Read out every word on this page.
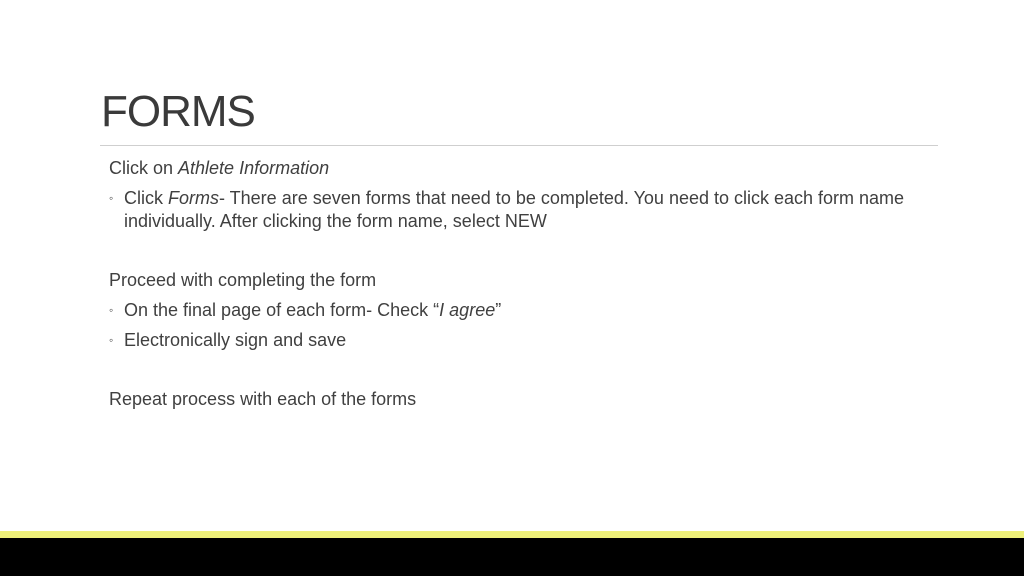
FORMS

Click on Athlete Information

◦ Click Forms- There are seven forms that need to be completed. You need to click each form name individually. After clicking the form name, select NEW

Proceed with completing the form

◦ On the final page of each form- Check “I agree”
◦ Electronically sign and save

Repeat process with each of the forms
